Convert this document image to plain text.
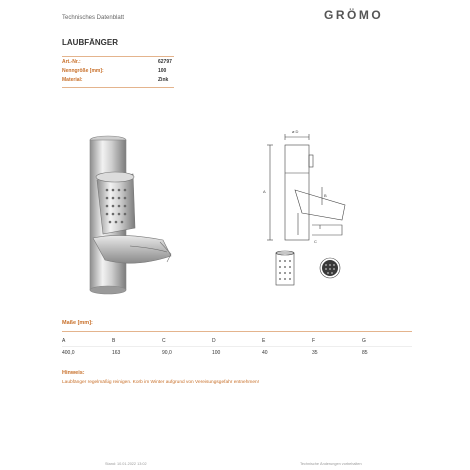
Technisches Datenblatt	GRÖMO
LAUBFÄNGER
Art.-Nr.:	62797
Nenngröße [mm]:	100
Material:	Zink
ø D
A
B
C
Maße [mm]:
A	B	C	D	E	F	G
400,0	163	90,0	100	40	35	85
Hinweis:
Laubfänger regelmäßig reinigen. Korb im Winter aufgrund von Vereisungsgefahr entnehmen!
Stand: 10.01.2022 13:02	Technische Änderungen vorbehalten
